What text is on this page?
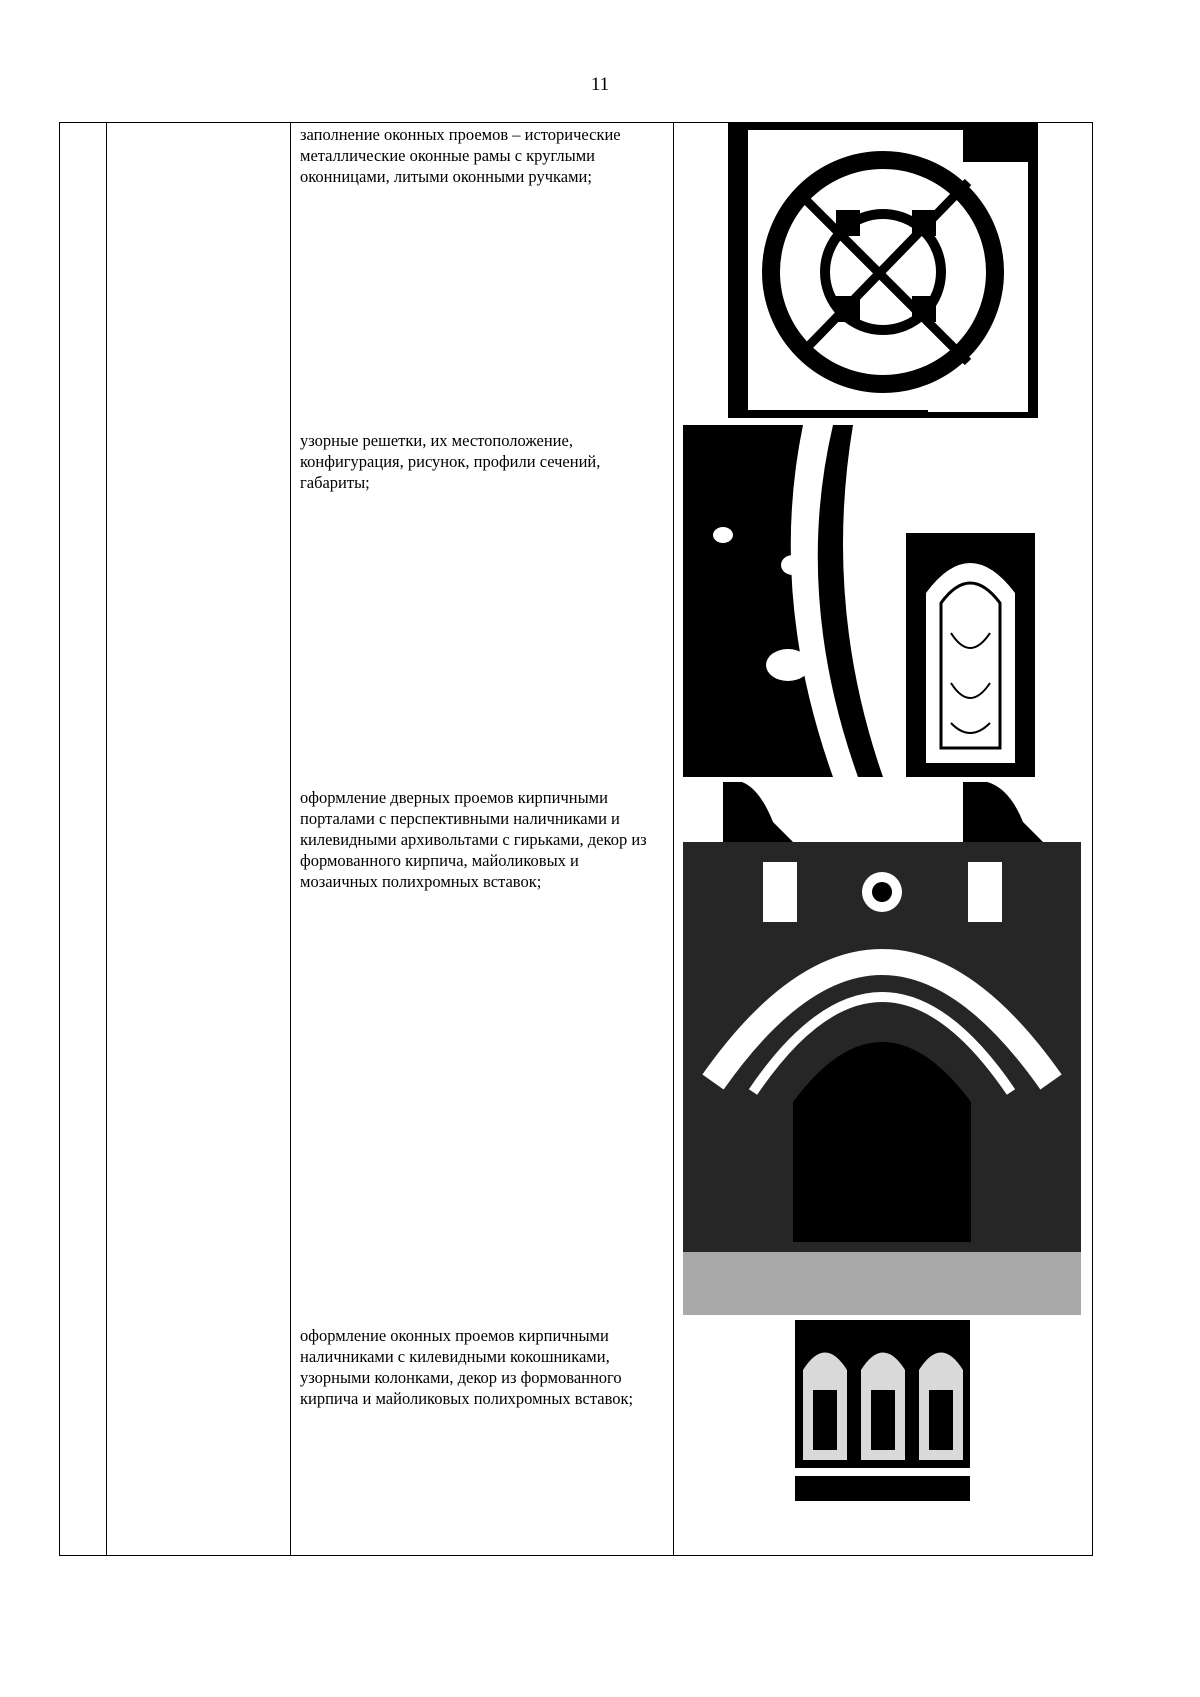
11

заполнение оконных проемов – исторические металлические оконные рамы с круглыми оконницами, литыми оконными ручками;

узорные решетки, их местоположение, конфигурация, рисунок, профили сечений, габариты;

оформление дверных проемов кирпичными порталами с перспективными наличниками и килевидными архивольтами с гирьками, декор из формованного кирпича, майоликовых и мозаичных полихромных вставок;

оформление оконных проемов кирпичными наличниками с килевидными кокошниками, узорными колонками, декор из формованного кирпича и майоликовых полихромных вставок;
